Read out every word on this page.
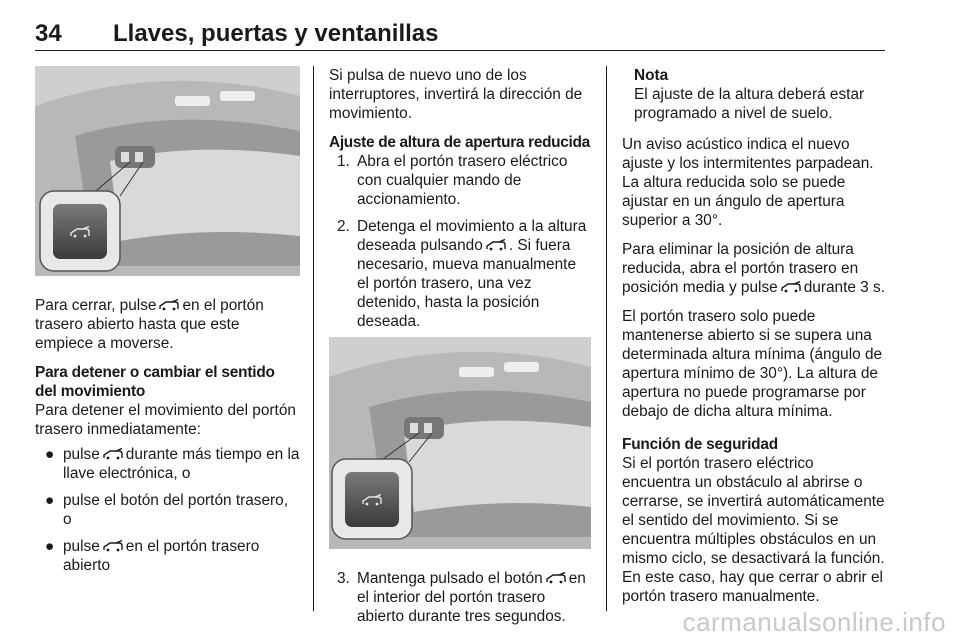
34 Llaves, puertas y ventanillas

Para cerrar, pulse en el portón trasero abierto hasta que este empiece a moverse.

Para detener o cambiar el sentido del movimiento

Para detener el movimiento del portón trasero inmediatamente:

● pulse durante más tiempo en la llave electrónica, o
● pulse el botón del portón trasero, o
● pulse en el portón trasero abierto

Si pulsa de nuevo uno de los interruptores, invertirá la dirección de movimiento.

Ajuste de altura de apertura reducida

1. Abra el portón trasero eléctrico con cualquier mando de accionamiento.
2. Detenga el movimiento a la altura deseada pulsando . Si fuera necesario, mueva manualmente el portón trasero, una vez detenido, hasta la posición deseada.
3. Mantenga pulsado el botón en el interior del portón trasero abierto durante tres segundos.
Nota
El ajuste de la altura deberá estar programado a nivel de suelo.

Un aviso acústico indica el nuevo ajuste y los intermitentes parpadean. La altura reducida solo se puede ajustar en un ángulo de apertura superior a 30°.

Para eliminar la posición de altura reducida, abra el portón trasero en posición media y pulse durante 3 s.

El portón trasero solo puede mantenerse abierto si se supera una determinada altura mínima (ángulo de apertura mínimo de 30°). La altura de apertura no puede programarse por debajo de dicha altura mínima.

Función de seguridad

Si el portón trasero eléctrico encuentra un obstáculo al abrirse o cerrarse, se invertirá automáticamente el sentido del movimiento. Si se encuentra múltiples obstáculos en un mismo ciclo, se desactivará la función. En este caso, hay que cerrar o abrir el portón trasero manualmente.

carmanualsonline.info
